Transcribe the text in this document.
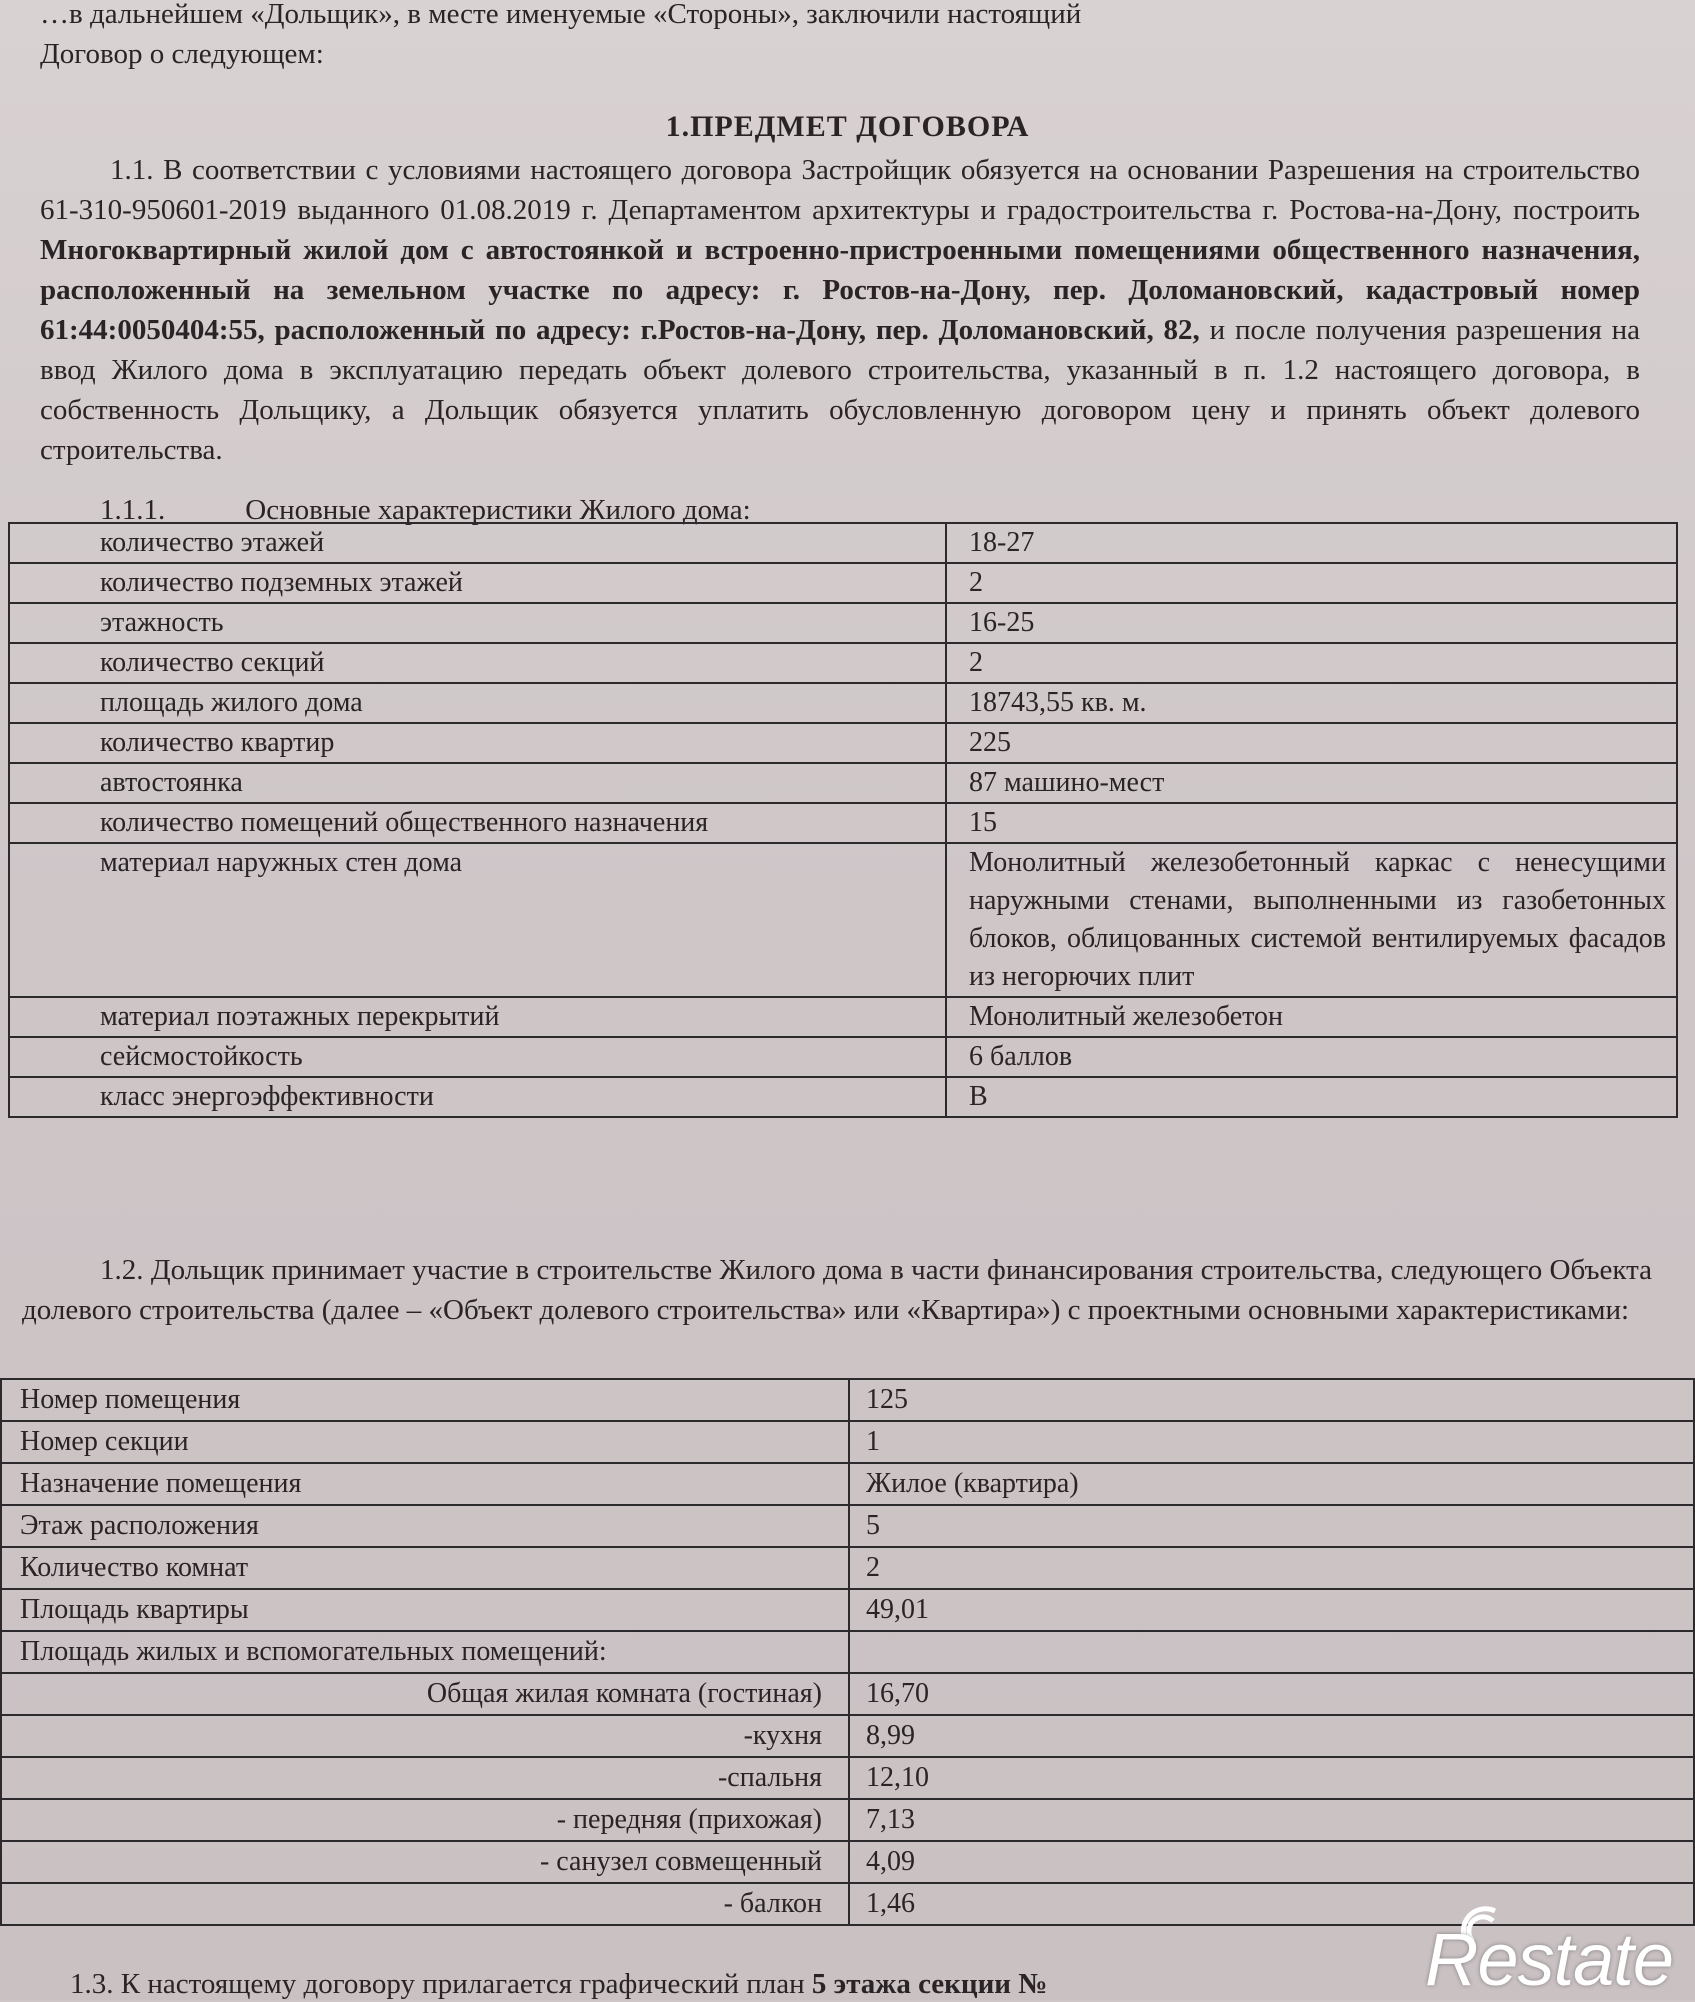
…в дальнейшем «Дольщик», в месте именуемые «Стороны», заключили настоящий
Договор о следующем:
1.ПРЕДМЕТ ДОГОВОРА
1.1. В соответствии с условиями настоящего договора Застройщик обязуется на основании Разрешения на строительство 61-310-950601-2019 выданного 01.08.2019 г. Департаментом архитектуры и градостроительства г. Ростова-на-Дону, построить Многоквартирный жилой дом с автостоянкой и встроенно-пристроенными помещениями общественного назначения, расположенный на земельном участке по адресу: г. Ростов-на-Дону, пер. Доломановский, кадастровый номер 61:44:0050404:55, расположенный по адресу: г.Ростов-на-Дону, пер. Доломановский, 82, и после получения разрешения на ввод Жилого дома в эксплуатацию передать объект долевого строительства, указанный в п. 1.2 настоящего договора, в собственность Дольщику, а Дольщик обязуется уплатить обусловленную договором цену и принять объект долевого строительства.
1.1.1.	Основные характеристики Жилого дома:
количество этажей	18-27
количество подземных этажей	2
этажность	16-25
количество секций	2
площадь жилого дома	18743,55 кв. м.
количество квартир	225
автостоянка	87 машино-мест
количество помещений общественного назначения	15
материал наружных стен дома	Монолитный железобетонный каркас с ненесущими наружными стенами, выполненными из газобетонных блоков, облицованных системой вентилируемых фасадов из негорючих плит
материал поэтажных перекрытий	Монолитный железобетон
сейсмостойкость	6 баллов
класс энергоэффективности	В
1.2. Дольщик принимает участие в строительстве Жилого дома в части финансирования строительства, следующего Объекта долевого строительства (далее – «Объект долевого строительства» или «Квартира») с проектными основными характеристиками:
Номер помещения	125
Номер секции	1
Назначение помещения	Жилое (квартира)
Этаж расположения	5
Количество комнат	2
Площадь квартиры	49,01
Площадь жилых и вспомогательных помещений:	
Общая жилая комната (гостиная)	16,70
-кухня	8,99
-спальня	12,10
- передняя (прихожая)	7,13
- санузел совмещенный	4,09
- балкон	1,46
1.3. К настоящему договору прилагается графический план 5 этажа секции №	Restate
